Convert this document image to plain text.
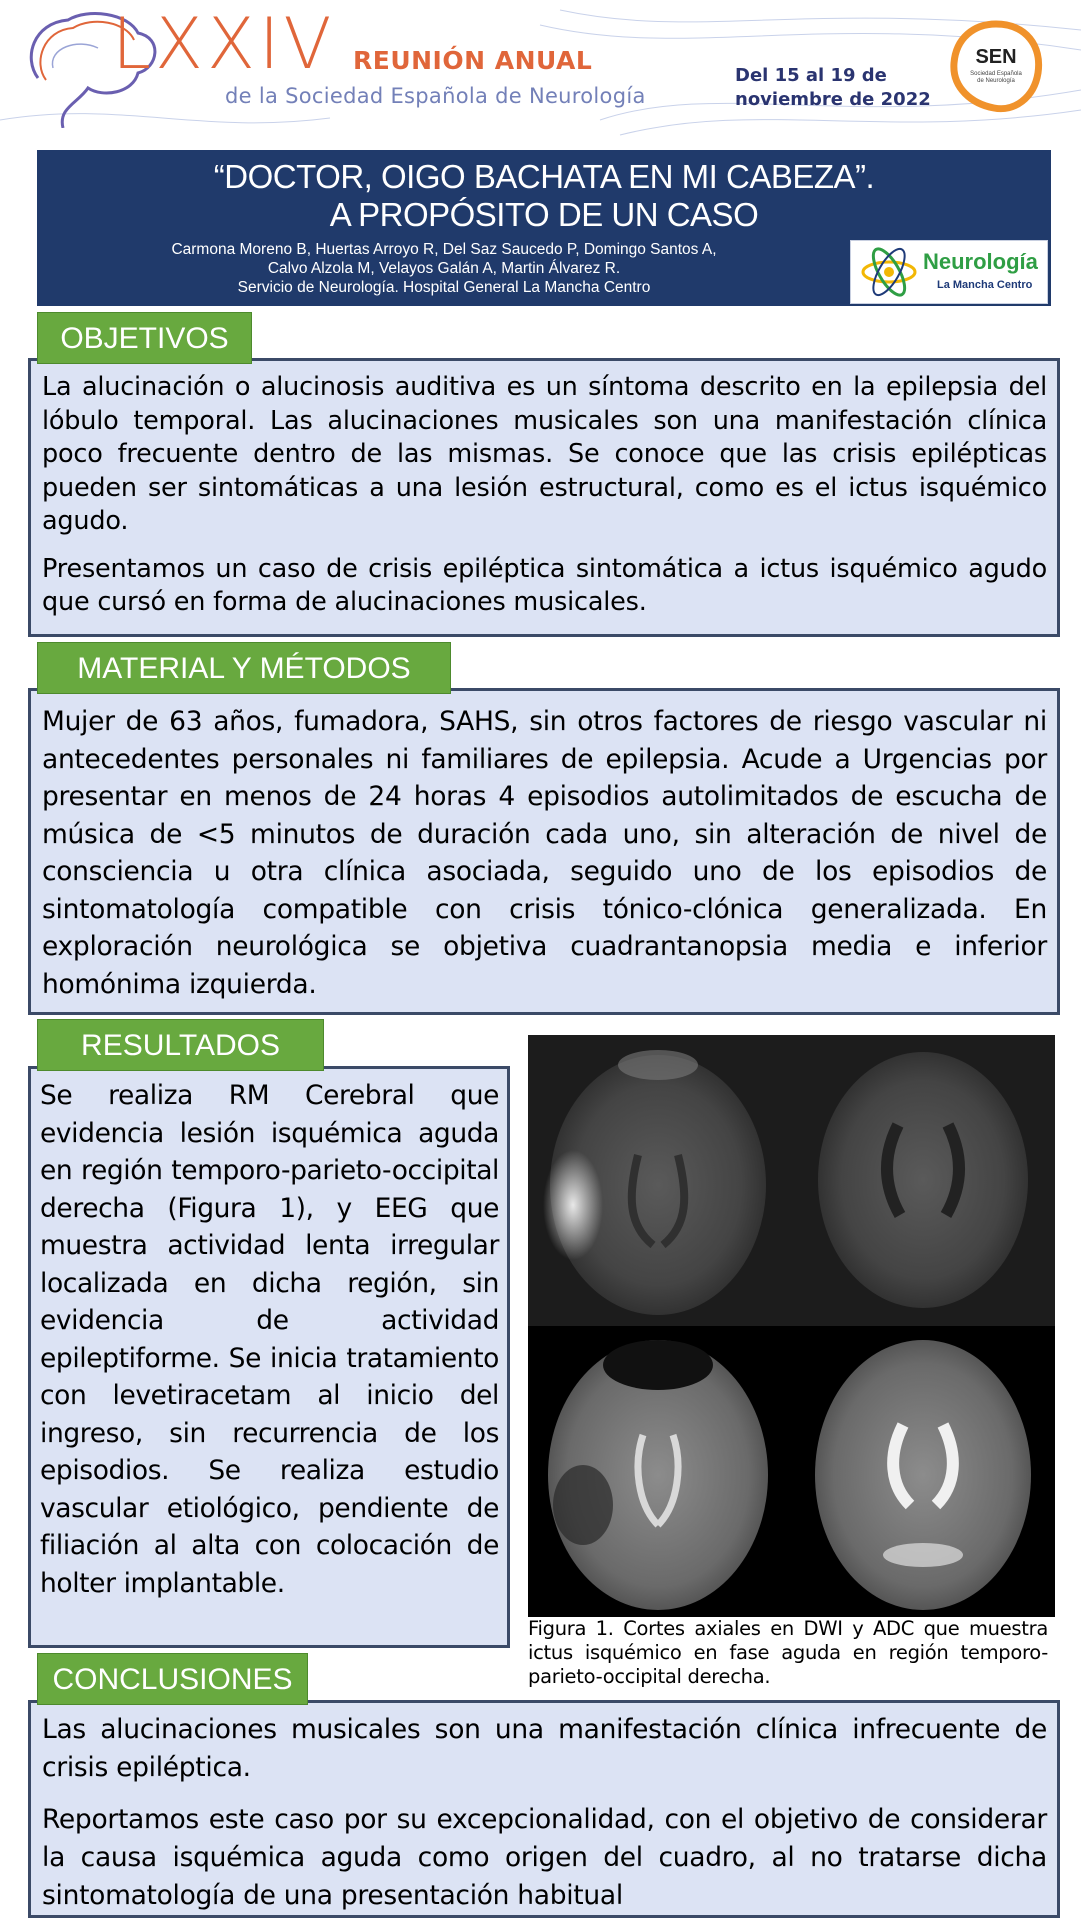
LXXIV REUNIÓN ANUAL
de la Sociedad Española de Neurología
Del 15 al 19 de
noviembre de 2022
SEN
Sociedad Española
de Neurología
“DOCTOR, OIGO BACHATA EN MI CABEZA”.
A PROPÓSITO DE UN CASO
Carmona Moreno B, Huertas Arroyo R, Del Saz Saucedo P, Domingo Santos A,
Calvo Alzola M, Velayos Galán A, Martin Álvarez R.
Servicio de Neurología. Hospital General La Mancha Centro
Neurología
La Mancha Centro

La alucinación o alucinosis auditiva es un síntoma descrito en la epilepsia del lóbulo temporal. Las alucinaciones musicales son una manifestación clínica poco frecuente dentro de las mismas. Se conoce que las crisis epilépticas pueden ser sintomáticas a una lesión estructural, como es el ictus isquémico agudo.

Presentamos un caso de crisis epiléptica sintomática a ictus isquémico agudo que cursó en forma de alucinaciones musicales.

OBJETIVOS

Mujer de 63 años, fumadora, SAHS, sin otros factores de riesgo vascular ni antecedentes personales ni familiares de epilepsia. Acude a Urgencias por presentar en menos de 24 horas 4 episodios autolimitados de escucha de música de <5 minutos de duración cada uno, sin alteración de nivel de consciencia u otra clínica asociada, seguido uno de los episodios de sintomatología compatible con crisis tónico-clónica generalizada. En exploración neurológica se objetiva cuadrantanopsia media e inferior homónima izquierda.

MATERIAL Y MÉTODOS

Se realiza RM Cerebral que evidencia lesión isquémica aguda en región temporo-parieto-occipital derecha (Figura 1), y EEG que muestra actividad lenta irregular localizada en dicha región, sin evidencia de actividad epileptiforme. Se inicia tratamiento con levetiracetam al inicio del ingreso, sin recurrencia de los episodios. Se realiza estudio vascular etiológico, pendiente de filiación al alta con colocación de holter implantable.

RESULTADOS
Figura 1. Cortes axiales en DWI y ADC que muestra ictus isquémico en fase aguda en región temporo-parieto-occipital derecha.

Las alucinaciones musicales son una manifestación clínica infrecuente de crisis epiléptica.

Reportamos este caso por su excepcionalidad, con el objetivo de considerar la causa isquémica aguda como origen del cuadro, al no tratarse dicha sintomatología de una presentación habitual

CONCLUSIONES
